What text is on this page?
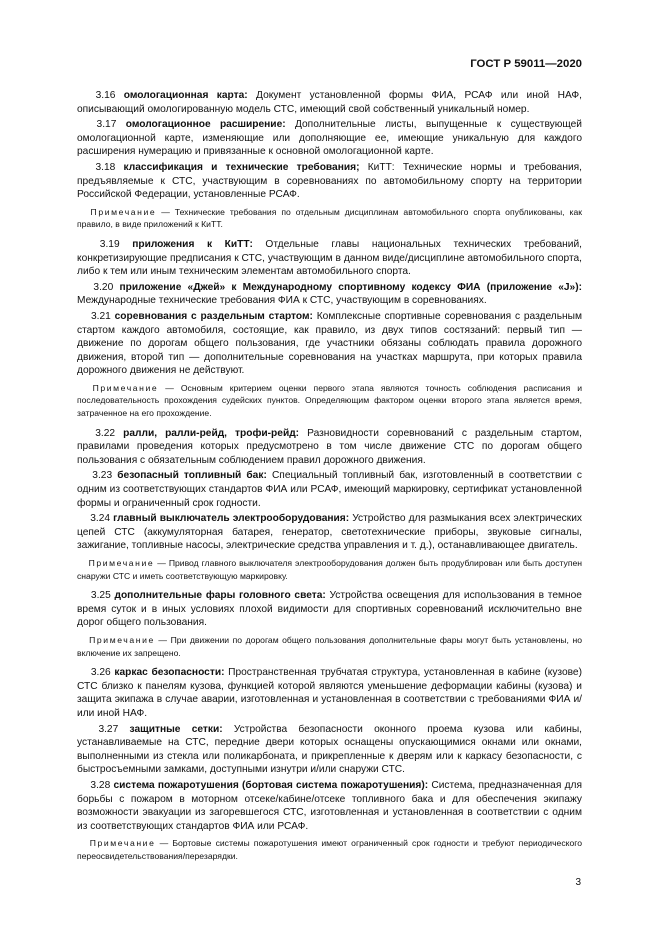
ГОСТ Р 59011—2020

  3.16 омологационная карта: Документ установленной формы ФИА, РСАФ или иной НАФ, описывающий омологированную модель СТС, имеющий свой собственный уникальный номер.

  3.17 омологационное расширение: Дополнительные листы, выпущенные к существующей омологационной карте, изменяющие или дополняющие ее, имеющие уникальную для каждого расширения нумерацию и привязанные к основной омологационной карте.

  3.18 классификация и технические требования; КиТТ: Технические нормы и требования, предъявляемые к СТС, участвующим в соревнованиях по автомобильному спорту на территории Российской Федерации, установленные РСАФ.

  Примечание — Технические требования по отдельным дисциплинам автомобильного спорта опубликованы, как правило, в виде приложений к КиТТ.

  3.19 приложения к КиТТ: Отдельные главы национальных технических требований, конкретизирующие предписания к СТС, участвующим в данном виде/дисциплине автомобильного спорта, либо к тем или иным техническим элементам автомобильного спорта.

  3.20 приложение «Джей» к Международному спортивному кодексу ФИА (приложение «J»): Международные технические требования ФИА к СТС, участвующим в соревнованиях.

  3.21 соревнования с раздельным стартом: Комплексные спортивные соревнования с раздельным стартом каждого автомобиля, состоящие, как правило, из двух типов состязаний: первый тип — движение по дорогам общего пользования, где участники обязаны соблюдать правила дорожного движения, второй тип — дополнительные соревнования на участках маршрута, при которых правила дорожного движения не действуют.

  Примечание — Основным критерием оценки первого этапа являются точность соблюдения расписания и последовательность прохождения судейских пунктов. Определяющим фактором оценки второго этапа является время, затраченное на его прохождение.

  3.22 ралли, ралли-рейд, трофи-рейд: Разновидности соревнований с раздельным стартом, правилами проведения которых предусмотрено в том числе движение СТС по дорогам общего пользования с обязательным соблюдением правил дорожного движения.

  3.23 безопасный топливный бак: Специальный топливный бак, изготовленный в соответствии с одним из соответствующих стандартов ФИА или РСАФ, имеющий маркировку, сертификат установленной формы и ограниченный срок годности.

  3.24 главный выключатель электрооборудования: Устройство для размыкания всех электрических цепей СТС (аккумуляторная батарея, генератор, светотехнические приборы, звуковые сигналы, зажигание, топливные насосы, электрические средства управления и т. д.), останавливающее двигатель.

  Примечание — Привод главного выключателя электрооборудования должен быть продублирован или быть доступен снаружи СТС и иметь соответствующую маркировку.

  3.25 дополнительные фары головного света: Устройства освещения для использования в темное время суток и в иных условиях плохой видимости для спортивных соревнований исключительно вне дорог общего пользования.

  Примечание — При движении по дорогам общего пользования дополнительные фары могут быть установлены, но включение их запрещено.

  3.26 каркас безопасности: Пространственная трубчатая структура, установленная в кабине (кузове) СТС близко к панелям кузова, функцией которой являются уменьшение деформации кабины (кузова) и защита экипажа в случае аварии, изготовленная и установленная в соответствии с требованиями ФИА и/или иной НАФ.

  3.27 защитные сетки: Устройства безопасности оконного проема кузова или кабины, устанавливаемые на СТС, передние двери которых оснащены опускающимися окнами или окнами, выполненными из стекла или поликарбоната, и прикрепленные к дверям или к каркасу безопасности, с быстросъемными замками, доступными изнутри и/или снаружи СТС.

  3.28 система пожаротушения (бортовая система пожаротушения): Система, предназначенная для борьбы с пожаром в моторном отсеке/кабине/отсеке топливного бака и для обеспечения экипажу возможности эвакуации из загоревшегося СТС, изготовленная и установленная в соответствии с одним из соответствующих стандартов ФИА или РСАФ.

  Примечание — Бортовые системы пожаротушения имеют ограниченный срок годности и требуют периодического переосвидетельствования/перезарядки.

3
